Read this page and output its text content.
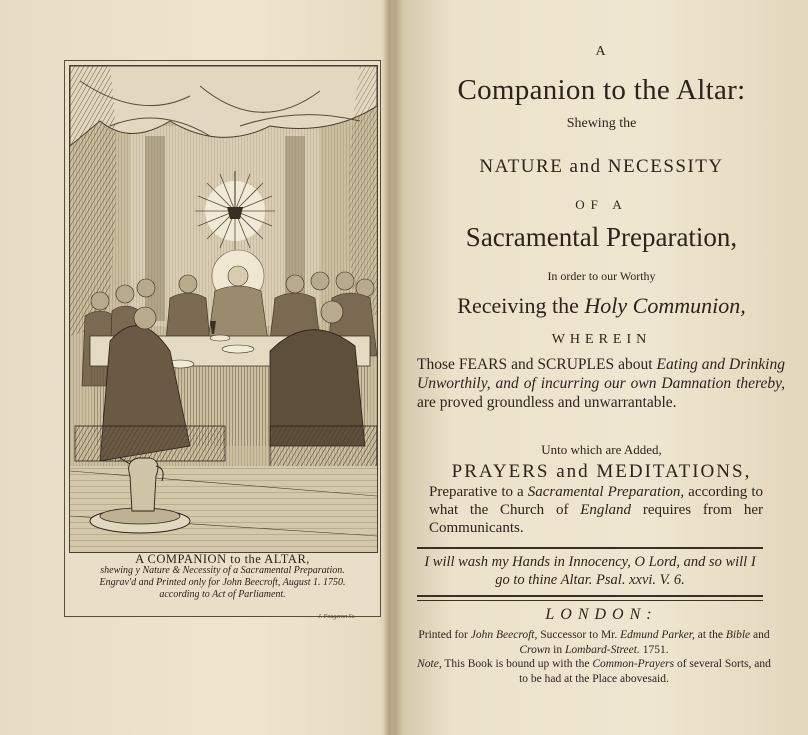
A COMPANION to the ALTAR,
shewing y Nature & Necessity of a Sacramental Preparation.
Engrav'd and Printed only for John Beecroft, August 1. 1750.
according to Act of Parliament.
J. Fougeron Sc.
A
Companion to the Altar:
Shewing the
NATURE and NECESSITY
OF A
Sacramental Preparation,
In order to our Worthy
Receiving the Holy Communion,
WHEREIN
Those FEARS and SCRUPLES about Eating and Drinking Unworthily, and of incurring our own Damnation thereby, are proved groundless and unwarrantable.
Unto which are Added,
PRAYERS and MEDITATIONS,
Preparative to a Sacramental Preparation, according to what the Church of England requires from her Communicants.
I will wash my Hands in Innocency, O Lord, and so will I go to thine Altar. Psal. xxvi. V. 6.
LONDON:
Printed for John Beecroft, Successor to Mr. Edmund Parker, at the Bible and Crown in Lombard-Street. 1751.
Note, This Book is bound up with the Common-Prayers of several Sorts, and to be had at the Place abovesaid.
